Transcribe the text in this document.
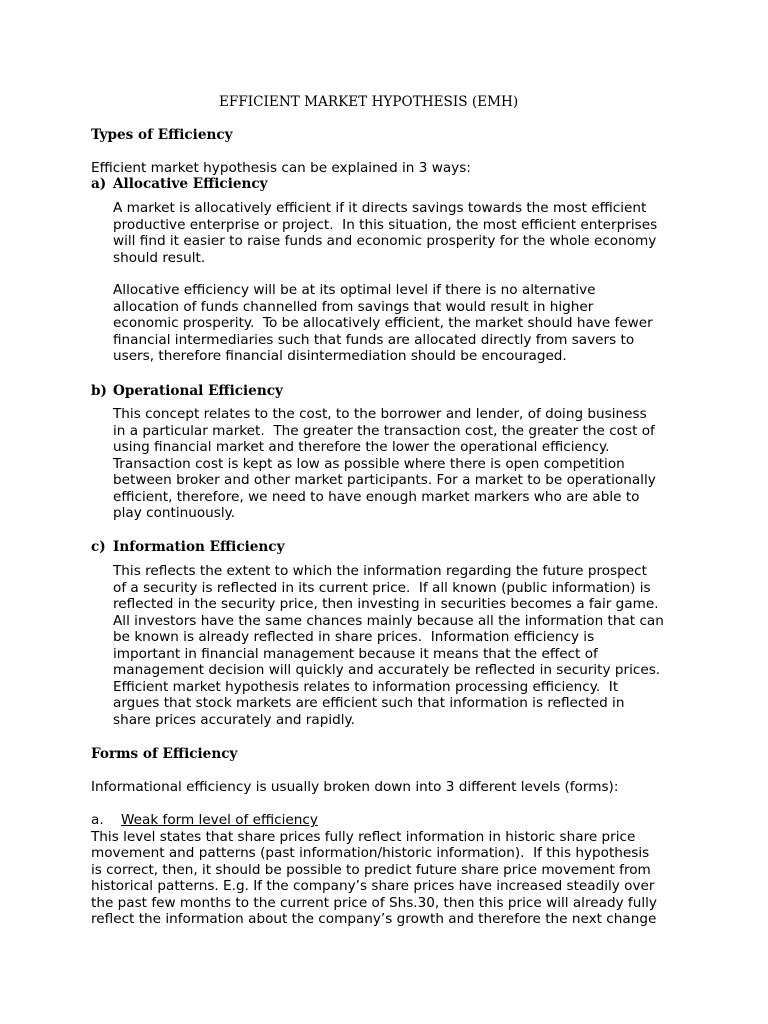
EFFICIENT MARKET HYPOTHESIS (EMH)
Types of Efficiency
Efficient market hypothesis can be explained in 3 ways:
a) Allocative Efficiency
A market is allocatively efficient if it directs savings towards the most efficient
productive enterprise or project.  In this situation, the most efficient enterprises
will find it easier to raise funds and economic prosperity for the whole economy
should result.
Allocative efficiency will be at its optimal level if there is no alternative
allocation of funds channelled from savings that would result in higher
economic prosperity.  To be allocatively efficient, the market should have fewer
financial intermediaries such that funds are allocated directly from savers to
users, therefore financial disintermediation should be encouraged.
b) Operational Efficiency
This concept relates to the cost, to the borrower and lender, of doing business
in a particular market.  The greater the transaction cost, the greater the cost of
using financial market and therefore the lower the operational efficiency.
Transaction cost is kept as low as possible where there is open competition
between broker and other market participants. For a market to be operationally
efficient, therefore, we need to have enough market markers who are able to
play continuously.
c) Information Efficiency
This reflects the extent to which the information regarding the future prospect
of a security is reflected in its current price.  If all known (public information) is
reflected in the security price, then investing in securities becomes a fair game.
All investors have the same chances mainly because all the information that can
be known is already reflected in share prices.  Information efficiency is
important in financial management because it means that the effect of
management decision will quickly and accurately be reflected in security prices.
Efficient market hypothesis relates to information processing efficiency.  It
argues that stock markets are efficient such that information is reflected in
share prices accurately and rapidly.
Forms of Efficiency
Informational efficiency is usually broken down into 3 different levels (forms):
a. Weak form level of efficiency
This level states that share prices fully reflect information in historic share price
movement and patterns (past information/historic information).  If this hypothesis
is correct, then, it should be possible to predict future share price movement from
historical patterns. E.g. If the company’s share prices have increased steadily over
the past few months to the current price of Shs.30, then this price will already fully
reflect the information about the company’s growth and therefore the next change
